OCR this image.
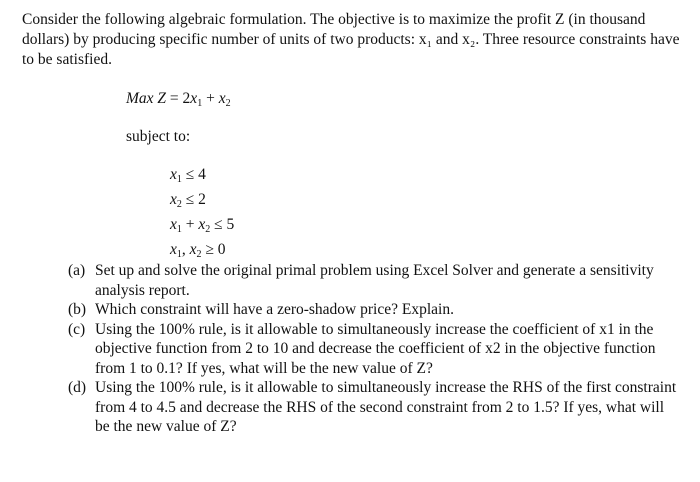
Consider the following algebraic formulation. The objective is to maximize the profit Z (in thousand dollars) by producing specific number of units of two products: x₁ and x₂. Three resource constraints have to be satisfied.

Max $Z = 2x_1 + x_2$
subject to:
$x_1 \le 4$
$x_2 \le 2$
$x_1 + x_2 \le 5$
$x_1$, $x_2 \ge 0$
(a) Set up and solve the original primal problem using Excel Solver and generate a sensitivity analysis report.
(b) Which constraint will have a zero-shadow price? Explain.
(c) Using the 100% rule, is it allowable to simultaneously increase the coefficient of x1 in the objective function from 2 to 10 and decrease the coefficient of x2 in the objective function from 1 to 0.1? If yes, what will be the new value of Z?
(d) Using the 100% rule, is it allowable to simultaneously increase the RHS of the first constraint from 4 to 4.5 and decrease the RHS of the second constraint from 2 to 1.5? If yes, what will be the new value of Z?
